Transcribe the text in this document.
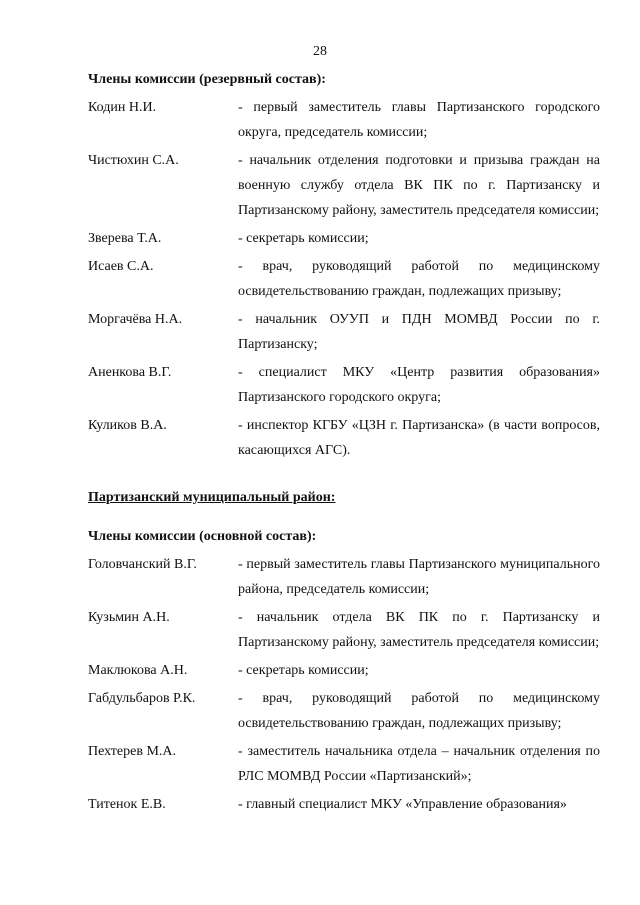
28

Члены комиссии (резервный состав):

Кодин Н.И.	- первый заместитель главы Партизанского городского округа, председатель комиссии;
Чистюхин С.А.	- начальник отделения подготовки и призыва граждан на военную службу отдела ВК ПК по г. Партизанску и Партизанскому району, заместитель председателя комиссии;
Зверева Т.А.	- секретарь комиссии;
Исаев С.А.	- врач, руководящий работой по медицинскому освидетельствованию граждан, подлежащих призыву;
Моргачёва Н.А.	- начальник ОУУП и ПДН МОМВД России по г. Партизанску;
Аненкова В.Г.	- специалист МКУ «Центр развития образования» Партизанского городского округа;
Куликов В.А.	- инспектор КГБУ «ЦЗН г. Партизанска» (в части вопросов, касающихся АГС).

Партизанский муниципальный район:

Члены комиссии (основной состав):

Головчанский В.Г.	- первый заместитель главы Партизанского муниципального района, председатель комиссии;
Кузьмин А.Н.	- начальник отдела ВК ПК по г. Партизанску и Партизанскому району, заместитель председателя комиссии;
Маклюкова А.Н.	- секретарь комиссии;
Габдульбаров Р.К.	- врач, руководящий работой по медицинскому освидетельствованию граждан, подлежащих призыву;
Пехтерев М.А.	- заместитель начальника отдела – начальник отделения по РЛС МОМВД России «Партизанский»;
Титенок Е.В.	- главный специалист МКУ «Управление образования»
